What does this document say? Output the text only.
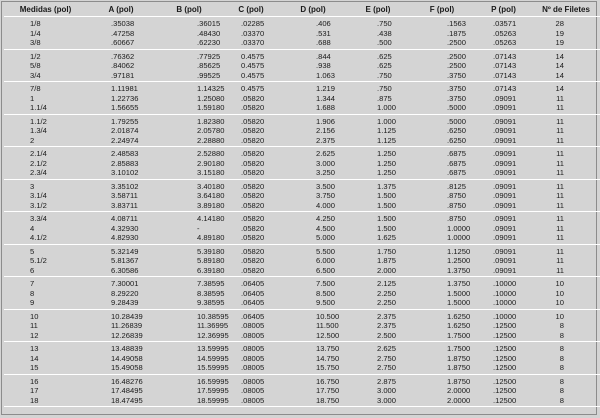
Medidas (pol)	A (pol)	B (pol)	C (pol)	D (pol)	E (pol)	F (pol)	P (pol)	Nº de Filetes
1/8	.35038	.36015	.02285	.406	.750	.1563	.03571	28
1/4	.47258	.48430	.03370	.531	.438	.1875	.05263	19
3/8	.60667	.62230	.03370	.688	.500	.2500	.05263	19
1/2	.76362	.77925	0.4575	.844	.625	.2500	.07143	14
5/8	.84062	.85625	0.4575	.938	.625	.2500	.07143	14
3/4	.97181	.99525	0.4575	1.063	.750	.3750	.07143	14
7/8	1.11981	1.14325	0.4575	1.219	.750	.3750	.07143	14
1	1.22736	1.25080	.05820	1.344	.875	.3750	.09091	11
1.1/4	1.56655	1.59180	.05820	1.688	1.000	.5000	.09091	11
1.1/2	1.79255	1.82380	.05820	1.906	1.000	.5000	.09091	11
1.3/4	2.01874	2.05780	.05820	2.156	1.125	.6250	.09091	11
2	2.24974	2.28880	.05820	2.375	1.125	.6250	.09091	11
2.1/4	2.48583	2.52880	.05820	2.625	1.250	.6875	.09091	11
2.1/2	2.85883	2.90180	.05820	3.000	1.250	.6875	.09091	11
2.3/4	3.10102	3.15180	.05820	3.250	1.250	.6875	.09091	11
3	3.35102	3.40180	.05820	3.500	1.375	.8125	.09091	11
3.1/4	3.58711	3.64180	.05820	3.750	1.500	.8750	.09091	11
3.1/2	3.83711	3.89180	.05820	4.000	1.500	.8750	.09091	11
3.3/4	4.08711	4.14180	.05820	4.250	1.500	.8750	.09091	11
4	4.32930	-	.05820	4.500	1.500	1.0000	.09091	11
4.1/2	4.82930	4.89180	.05820	5.000	1.625	1.0000	.09091	11
5	5.32149	5.39180	.05820	5.500	1.750	1.1250	.09091	11
5.1/2	5.81367	5.89180	.05820	6.000	1.875	1.2500	.09091	11
6	6.30586	6.39180	.05820	6.500	2.000	1.3750	.09091	11
7	7.30001	7.38595	.06405	7.500	2.125	1.3750	.10000	10
8	8.29220	8.38595	.06405	8.500	2.250	1.5000	.10000	10
9	9.28439	9.38595	.06405	9.500	2.250	1.5000	.10000	10
10	10.28439	10.38595	.06405	10.500	2.375	1.6250	.10000	10
11	11.26839	11.36995	.08005	11.500	2.375	1.6250	.12500	8
12	12.26839	12.36995	.08005	12.500	2.500	1.7500	.12500	8
13	13.48839	13.59995	.08005	13.750	2.625	1.7500	.12500	8
14	14.49058	14.59995	.08005	14.750	2.750	1.8750	.12500	8
15	15.49058	15.59995	.08005	15.750	2.750	1.8750	.12500	8
16	16.48276	16.59995	.08005	16.750	2.875	1.8750	.12500	8
17	17.48495	17.59995	.08005	17.750	3.000	2.0000	.12500	8
18	18.47495	18.59995	.08005	18.750	3.000	2.0000	.12500	8
